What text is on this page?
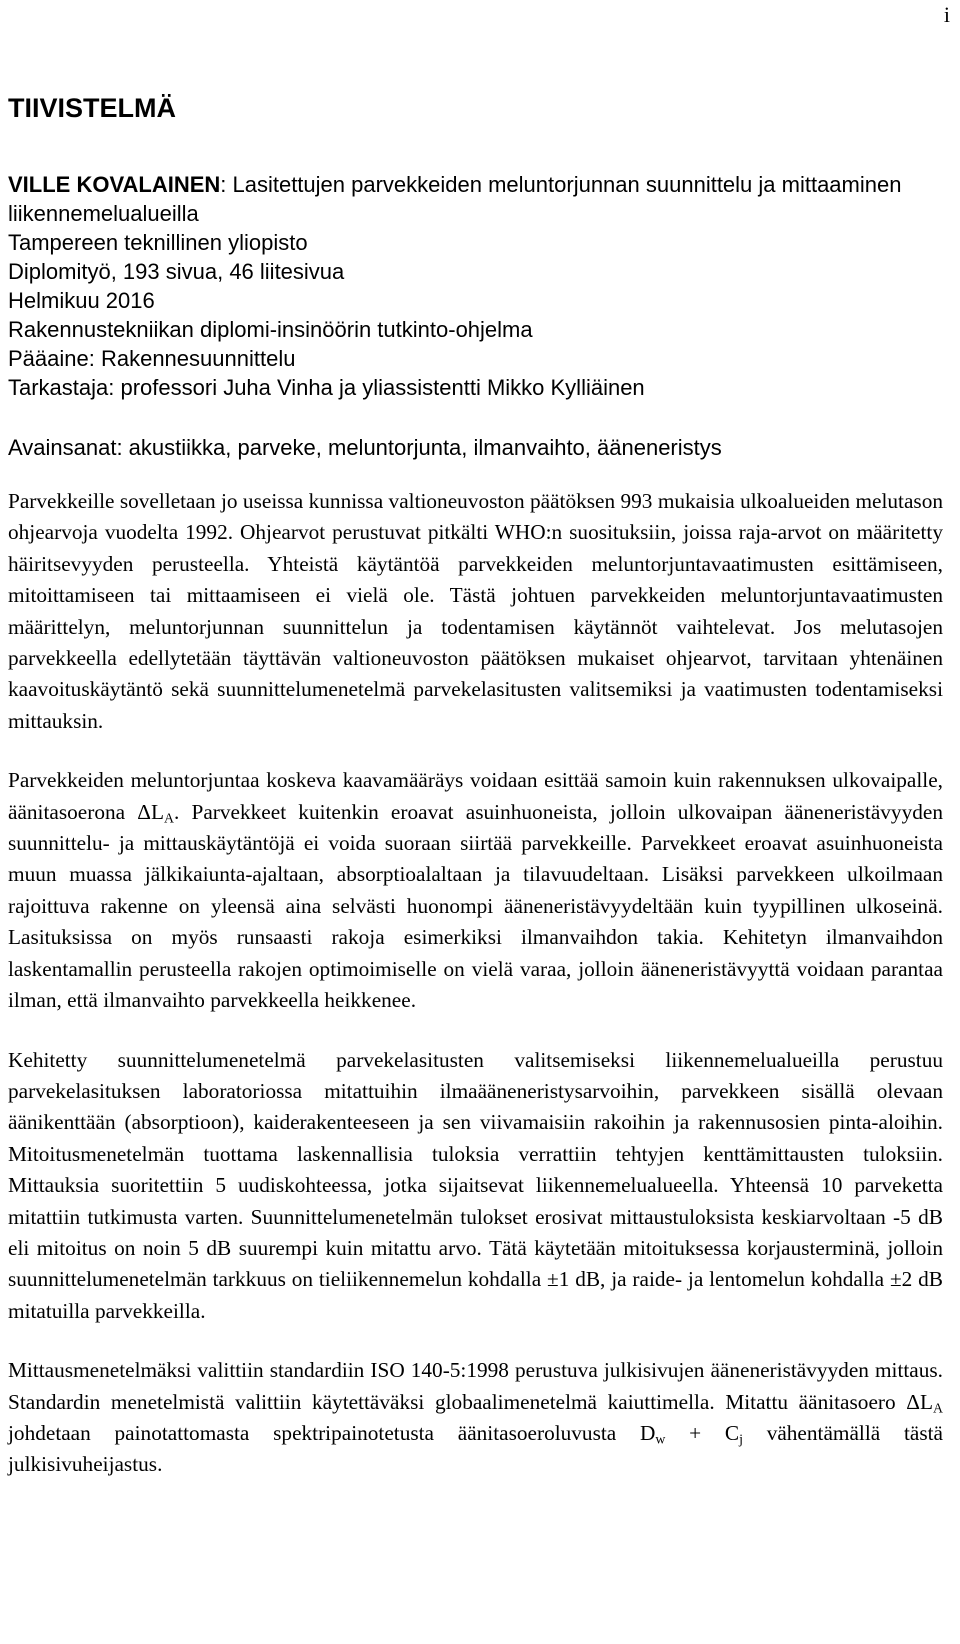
i
TIIVISTELMÄ
VILLE KOVALAINEN: Lasitettujen parvekkeiden meluntorjunnan suunnittelu ja mittaaminen liikennemelualueilla
Tampereen teknillinen yliopisto
Diplomityö, 193 sivua, 46 liitesivua
Helmikuu 2016
Rakennustekniikan diplomi-insinöörin tutkinto-ohjelma
Pääaine: Rakennesuunnittelu
Tarkastaja: professori Juha Vinha ja yliassistentti Mikko Kylliäinen
Avainsanat: akustiikka, parveke, meluntorjunta, ilmanvaihto, ääneneristys

Parvekkeille sovelletaan jo useissa kunnissa valtioneuvoston päätöksen 993 mukaisia ulkoalueiden melutason ohjearvoja vuodelta 1992. Ohjearvot perustuvat pitkälti WHO:n suosituksiin, joissa raja-arvot on määritetty häiritsevyyden perusteella. Yhteistä käytäntöä parvekkeiden meluntorjuntavaatimusten esittämiseen, mitoittamiseen tai mittaamiseen ei vielä ole. Tästä johtuen parvekkeiden meluntorjuntavaatimusten määrittelyn, meluntorjunnan suunnittelun ja todentamisen käytännöt vaihtelevat. Jos melutasojen parvekkeella edellytetään täyttävän valtioneuvoston päätöksen mukaiset ohjearvot, tarvitaan yhtenäinen kaavoituskäytäntö sekä suunnittelumenetelmä parvekelasitusten valitsemiksi ja vaatimusten todentamiseksi mittauksin.

Parvekkeiden meluntorjuntaa koskeva kaavamääräys voidaan esittää samoin kuin rakennuksen ulkovaipalle, äänitasoerona $\Delta L_A$. Parvekkeet kuitenkin eroavat asuinhuoneista, jolloin ulkovaipan ääneneristävyyden suunnittelu- ja mittauskäytäntöjä ei voida suoraan siirtää parvekkeille. Parvekkeet eroavat asuinhuoneista muun muassa jälkikaiunta-ajaltaan, absorptioalaltaan ja tilavuudeltaan. Lisäksi parvekkeen ulkoilmaan rajoittuva rakenne on yleensä aina selvästi huonompi ääneneristävyydeltään kuin tyypillinen ulkoseinä. Lasituksissa on myös runsaasti rakoja esimerkiksi ilmanvaihdon takia. Kehitetyn ilmanvaihdon laskentamallin perusteella rakojen optimoimiselle on vielä varaa, jolloin ääneneristävyyttä voidaan parantaa ilman, että ilmanvaihto parvekkeella heikkenee.

Kehitetty suunnittelumenetelmä parvekelasitusten valitsemiseksi liikennemelualueilla perustuu parvekelasituksen laboratoriossa mitattuihin ilmaääneneristysarvoihin, parvekkeen sisällä olevaan äänikenttään (absorptioon), kaiderakenteeseen ja sen viivamaisiin rakoihin ja rakennusosien pinta-aloihin. Mitoitusmenetelmän tuottama laskennallisia tuloksia verrattiin tehtyjen kenttämittausten tuloksiin. Mittauksia suoritettiin 5 uudiskohteessa, jotka sijaitsevat liikennemelualueella. Yhteensä 10 parveketta mitattiin tutkimusta varten. Suunnittelumenetelmän tulokset erosivat mittaustuloksista keskiarvoltaan -5 dB eli mitoitus on noin 5 dB suurempi kuin mitattu arvo. Tätä käytetään mitoituksessa korjausterminä, jolloin suunnittelumenetelmän tarkkuus on tieliikennemelun kohdalla ±1 dB, ja raide- ja lentomelun kohdalla ±2 dB mitatuilla parvekkeilla.

Mittausmenetelmäksi valittiin standardiin ISO 140-5:1998 perustuva julkisivujen ääneneristävyyden mittaus. Standardin menetelmistä valittiin käytettäväksi globaalimenetelmä kaiuttimella. Mitattu äänitasoero $\Delta L_A$ johdetaan painotattomasta spektripainotetusta äänitasoeroluvusta $D_w + C_j$ vähentämällä tästä julkisivuheijastus.
